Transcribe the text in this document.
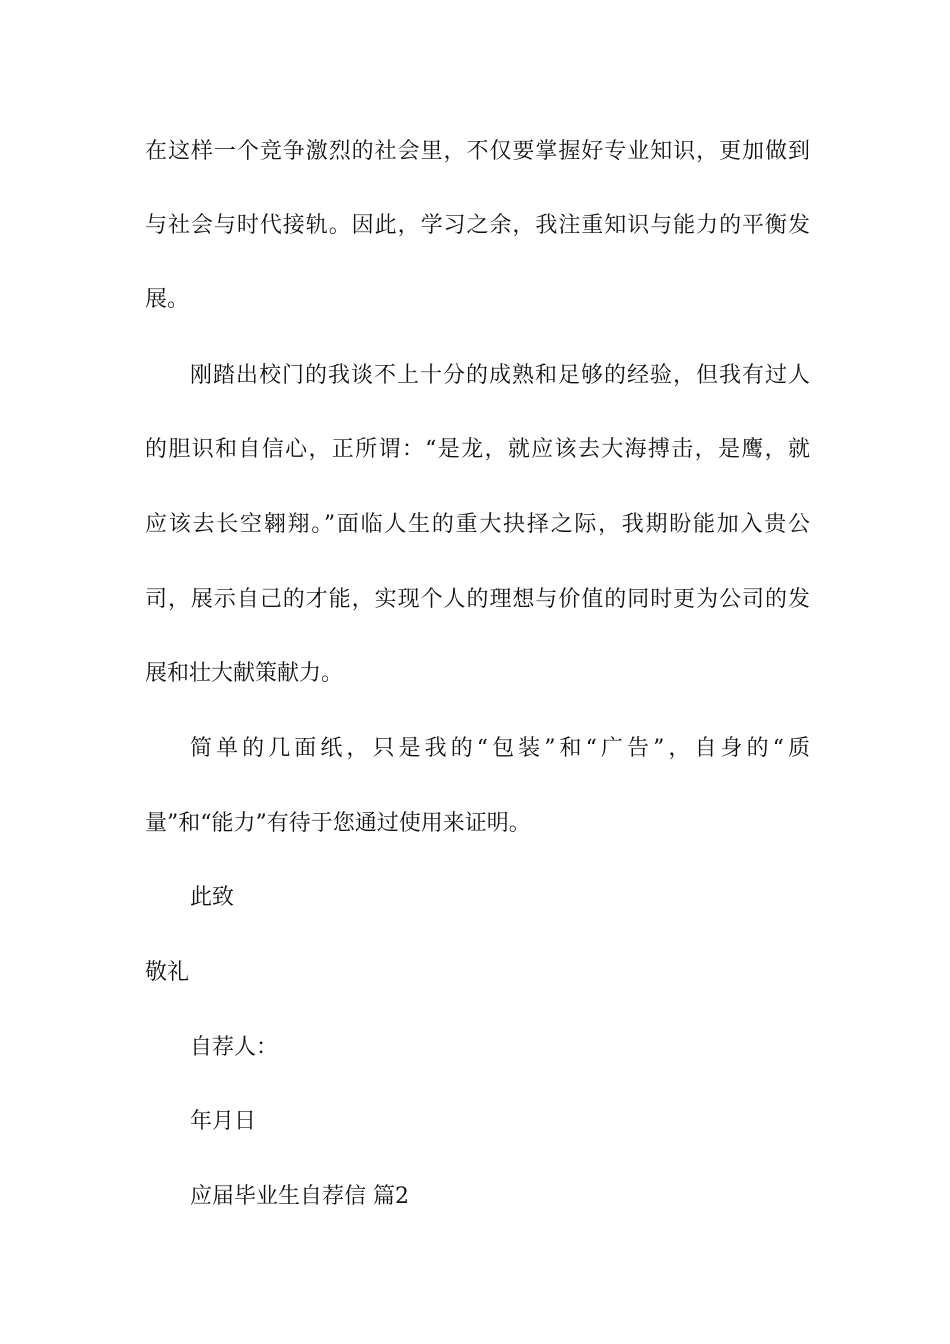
在这样一个竞争激烈的社会里，不仅要掌握好专业知识，更加做到
与社会与时代接轨。因此，学习之余，我注重知识与能力的平衡发
展。
刚踏出校门的我谈不上十分的成熟和足够的经验，但我有过人
的胆识和自信心，正所谓：“是龙，就应该去大海搏击，是鹰，就
应该去长空翱翔。”面临人生的重大抉择之际，我期盼能加入贵公
司，展示自己的才能，实现个人的理想与价值的同时更为公司的发
展和壮大献策献力。
简单的几面纸，只是我的“包装”和“广告”，自身的“质
量”和“能力”有待于您通过使用来证明。
此致
敬礼
自荐人：
年月日
应届毕业生自荐信 篇2
